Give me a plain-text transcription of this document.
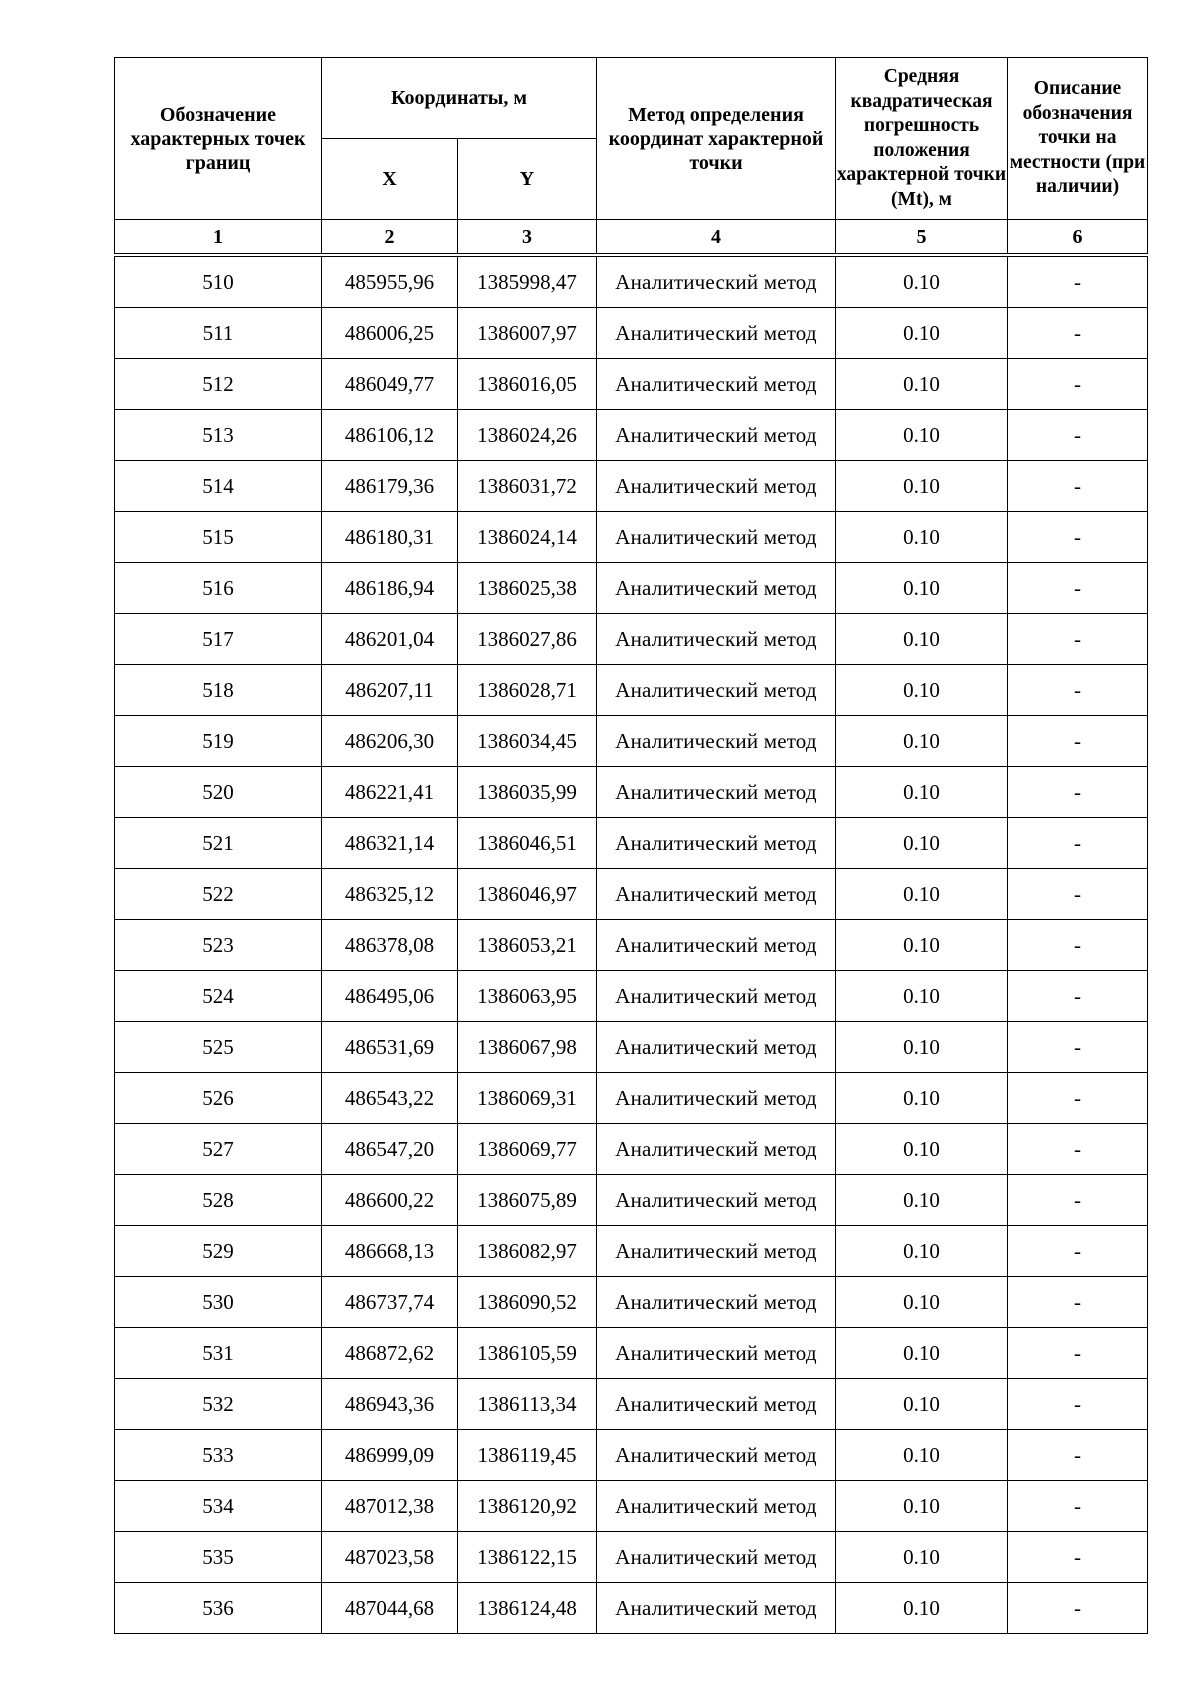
Обозначение характерных точек границ	Координаты, м		Метод определения координат характерной точки	Средняя квадратическая погрешность положения характерной точки (Mt), м	Описание обозначения точки на местности (при наличии)
	X	Y			
1	2	3	4	5	6
510	485955,96	1385998,47	Аналитический метод	0.10	-
511	486006,25	1386007,97	Аналитический метод	0.10	-
512	486049,77	1386016,05	Аналитический метод	0.10	-
513	486106,12	1386024,26	Аналитический метод	0.10	-
514	486179,36	1386031,72	Аналитический метод	0.10	-
515	486180,31	1386024,14	Аналитический метод	0.10	-
516	486186,94	1386025,38	Аналитический метод	0.10	-
517	486201,04	1386027,86	Аналитический метод	0.10	-
518	486207,11	1386028,71	Аналитический метод	0.10	-
519	486206,30	1386034,45	Аналитический метод	0.10	-
520	486221,41	1386035,99	Аналитический метод	0.10	-
521	486321,14	1386046,51	Аналитический метод	0.10	-
522	486325,12	1386046,97	Аналитический метод	0.10	-
523	486378,08	1386053,21	Аналитический метод	0.10	-
524	486495,06	1386063,95	Аналитический метод	0.10	-
525	486531,69	1386067,98	Аналитический метод	0.10	-
526	486543,22	1386069,31	Аналитический метод	0.10	-
527	486547,20	1386069,77	Аналитический метод	0.10	-
528	486600,22	1386075,89	Аналитический метод	0.10	-
529	486668,13	1386082,97	Аналитический метод	0.10	-
530	486737,74	1386090,52	Аналитический метод	0.10	-
531	486872,62	1386105,59	Аналитический метод	0.10	-
532	486943,36	1386113,34	Аналитический метод	0.10	-
533	486999,09	1386119,45	Аналитический метод	0.10	-
534	487012,38	1386120,92	Аналитический метод	0.10	-
535	487023,58	1386122,15	Аналитический метод	0.10	-
536	487044,68	1386124,48	Аналитический метод	0.10	-
